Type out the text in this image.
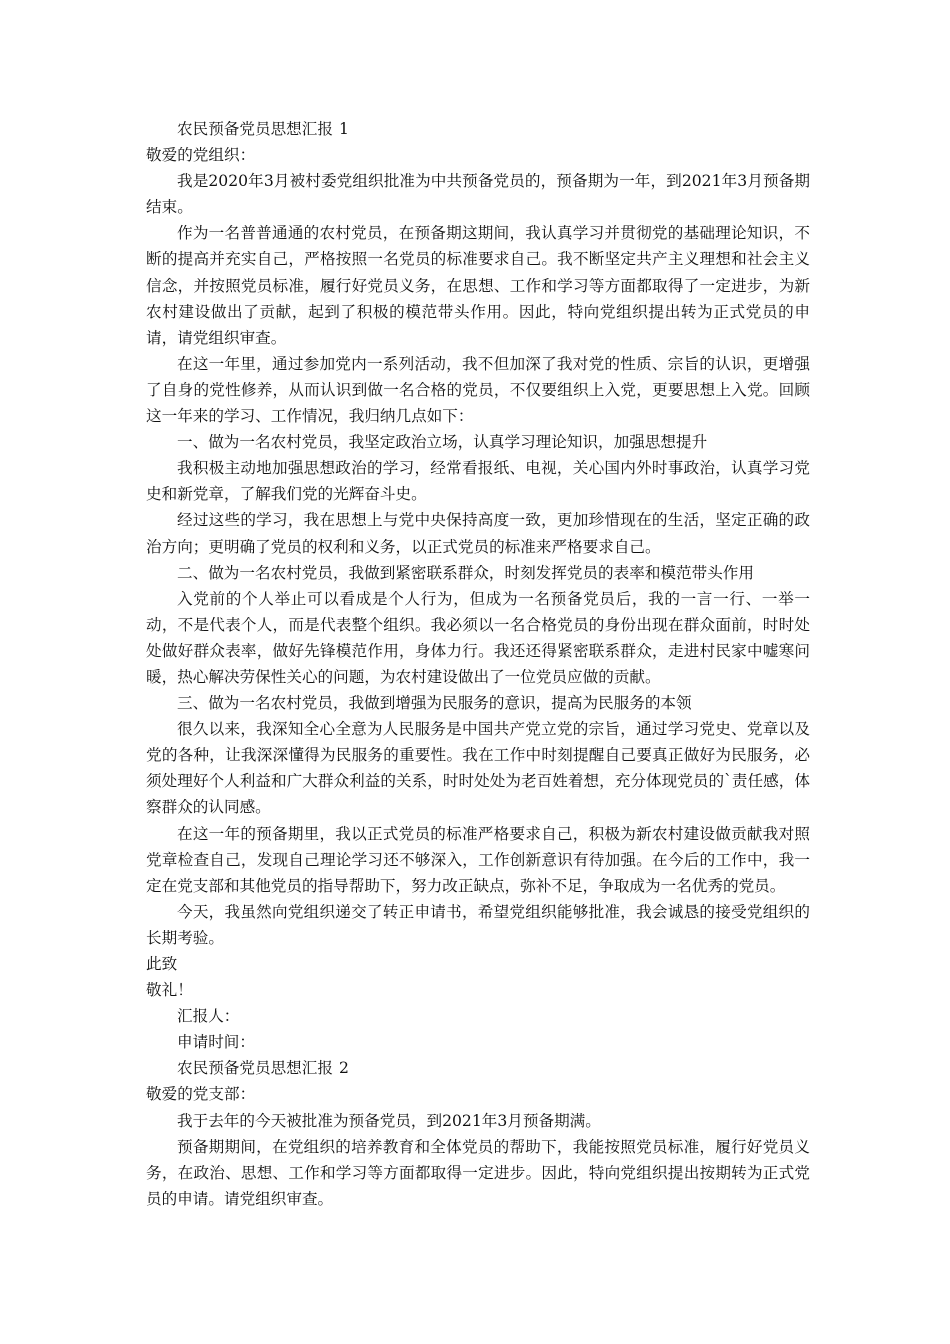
农民预备党员思想汇报 1

敬爱的党组织：

我是2020年3月被村委党组织批准为中共预备党员的，预备期为一年，到2021年3月预备期结束。

作为一名普普通通的农村党员，在预备期这期间，我认真学习并贯彻党的基础理论知识，不断的提高并充实自己，严格按照一名党员的标准要求自己。我不断坚定共产主义理想和社会主义信念，并按照党员标准，履行好党员义务，在思想、工作和学习等方面都取得了一定进步，为新农村建设做出了贡献，起到了积极的模范带头作用。因此，特向党组织提出转为正式党员的申请，请党组织审查。

在这一年里，通过参加党内一系列活动，我不但加深了我对党的性质、宗旨的认识，更增强了自身的党性修养，从而认识到做一名合格的党员，不仅要组织上入党，更要思想上入党。回顾这一年来的学习、工作情况，我归纳几点如下：

一、做为一名农村党员，我坚定政治立场，认真学习理论知识，加强思想提升

我积极主动地加强思想政治的学习，经常看报纸、电视，关心国内外时事政治，认真学习党史和新党章，了解我们党的光辉奋斗史。

经过这些的学习，我在思想上与党中央保持高度一致，更加珍惜现在的生活，坚定正确的政治方向；更明确了党员的权利和义务，以正式党员的标准来严格要求自己。

二、做为一名农村党员，我做到紧密联系群众，时刻发挥党员的表率和模范带头作用

入党前的个人举止可以看成是个人行为，但成为一名预备党员后，我的一言一行、一举一动，不是代表个人，而是代表整个组织。我必须以一名合格党员的身份出现在群众面前，时时处处做好群众表率，做好先锋模范作用，身体力行。我还还得紧密联系群众，走进村民家中嘘寒问暖，热心解决劳保性关心的问题，为农村建设做出了一位党员应做的贡献。

三、做为一名农村党员，我做到增强为民服务的意识，提高为民服务的本领

很久以来，我深知全心全意为人民服务是中国共产党立党的宗旨，通过学习党史、党章以及党的各种，让我深深懂得为民服务的重要性。我在工作中时刻提醒自己要真正做好为民服务，必须处理好个人利益和广大群众利益的关系，时时处处为老百姓着想，充分体现党员的`责任感，体察群众的认同感。

在这一年的预备期里，我以正式党员的标准严格要求自己，积极为新农村建设做贡献我对照党章检查自己，发现自己理论学习还不够深入，工作创新意识有待加强。在今后的工作中，我一定在党支部和其他党员的指导帮助下，努力改正缺点，弥补不足，争取成为一名优秀的党员。

今天，我虽然向党组织递交了转正申请书，希望党组织能够批准，我会诚恳的接受党组织的长期考验。

此致

敬礼！

汇报人：

申请时间：

农民预备党员思想汇报 2

敬爱的党支部：

我于去年的今天被批准为预备党员，到2021年3月预备期满。

预备期期间，在党组织的培养教育和全体党员的帮助下，我能按照党员标准，履行好党员义务，在政治、思想、工作和学习等方面都取得一定进步。因此，特向党组织提出按期转为正式党员的申请。请党组织审查。
